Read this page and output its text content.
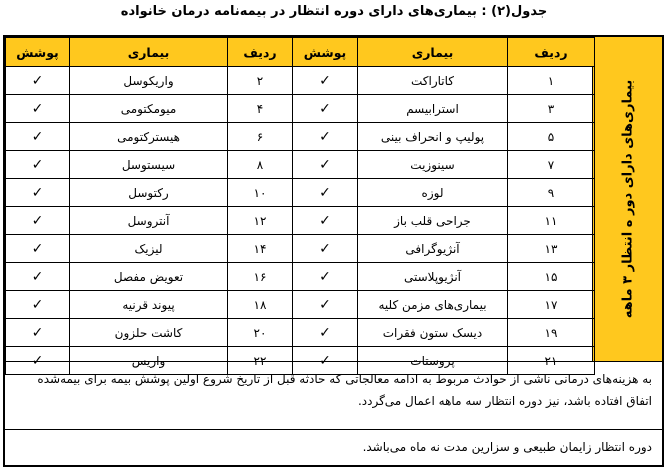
جدول(۲) : بیماری‌های دارای دوره انتظار در بیمه‌نامه درمان خانواده
بیماری‌های دارای دور ه انتظار ۳ ماهه
پوشش	بیماری	ردیف	پوشش	بیماری	ردیف
✓	واریکوسل	۲	✓	کاتاراکت	۱
✓	میومکتومی	۴	✓	استرابیسم	۳
✓	هیسترکتومی	۶	✓	پولیپ و انحراف بینی	۵
✓	سیستوسل	۸	✓	سینوزیت	۷
✓	رکتوسل	۱۰	✓	لوزه	۹
✓	آنتروسل	۱۲	✓	جراحی قلب باز	۱۱
✓	لیزیک	۱۴	✓	آنژیوگرافی	۱۳
✓	تعویض مفصل	۱۶	✓	آنژیوپلاستی	۱۵
✓	پیوند قرنیه	۱۸	✓	بیماری‌های مزمن کلیه	۱۷
✓	کاشت حلزون	۲۰	✓	دیسک ستون فقرات	۱۹
✓	واریس	۲۲	✓	پروستات	۲۱
به هزینه‌های درمانی ناشی از حوادث مربوط به ادامه معالجاتی که حادثه قبل از تاریخ شروع اولین پوشش بیمه برای بیمه‌شده اتفاق افتاده باشد، نیز دوره انتظار سه ماهه اعمال می‌گردد.
دوره انتظار زایمان طبیعی و سزارین مدت نه ماه می‌باشد.
